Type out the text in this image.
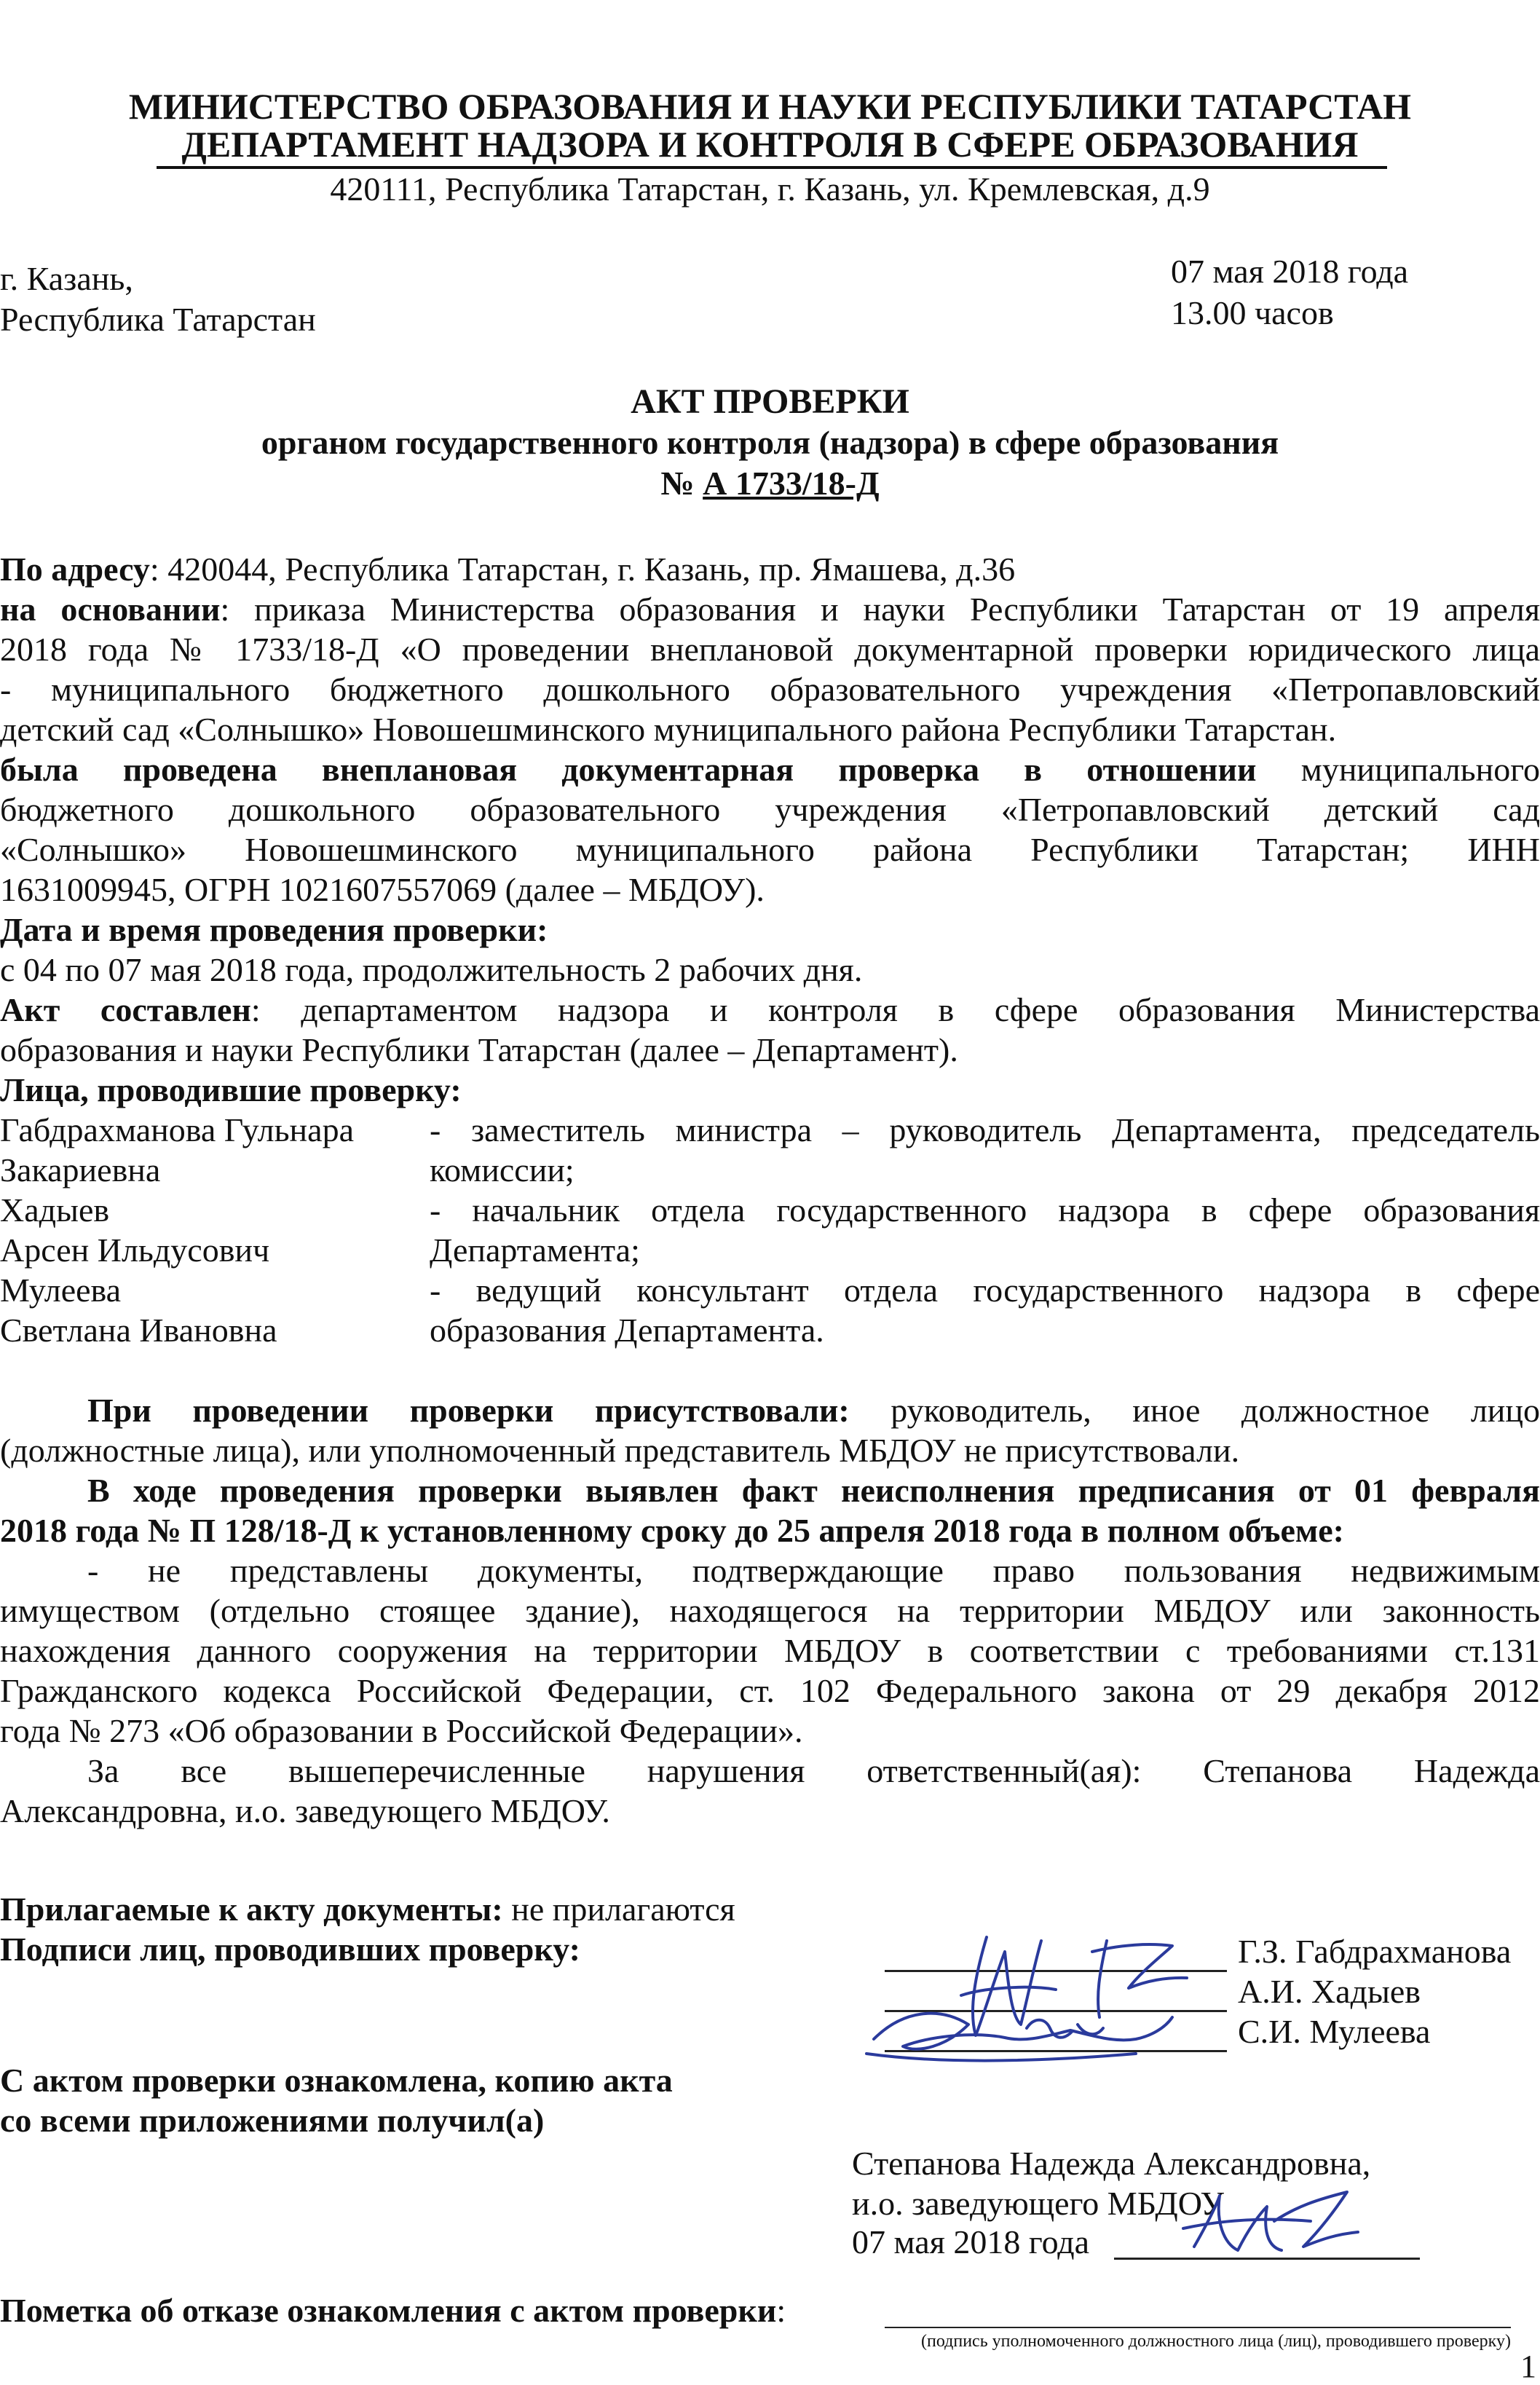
МИНИСТЕРСТВО ОБРАЗОВАНИЯ И НАУКИ РЕСПУБЛИКИ ТАТАРСТАН
ДЕПАРТАМЕНТ НАДЗОРА И КОНТРОЛЯ В СФЕРЕ ОБРАЗОВАНИЯ
420111, Республика Татарстан, г. Казань, ул. Кремлевская, д.9
г. Казань,
Республика Татарстан
07 мая 2018 года
13.00 часов
АКТ ПРОВЕРКИ
органом государственного контроля (надзора) в сфере образования
№ А 1733/18-Д
По адресу: 420044, Республика Татарстан, г. Казань, пр. Ямашева, д.36
на основании: приказа Министерства образования и науки Республики Татарстан от 19 апреля
2018 года № 1733/18-Д «О проведении внеплановой документарной проверки юридического лица
- муниципального бюджетного дошкольного образовательного учреждения «Петропавловский
детский сад «Солнышко» Новошешминского муниципального района Республики Татарстан.
была проведена внеплановая документарная проверка в отношении муниципального
бюджетного дошкольного образовательного учреждения «Петропавловский детский сад
«Солнышко» Новошешминского муниципального района Республики Татарстан; ИНН
1631009945, ОГРН 1021607557069 (далее – МБДОУ).
Дата и время проведения проверки:
с 04 по 07 мая 2018 года, продолжительность 2 рабочих дня.
Акт составлен: департаментом надзора и контроля в сфере образования Министерства
образования и науки Республики Татарстан (далее – Департамент).
Лица, проводившие проверку:
Габдрахманова Гульнара
Закариевна
- заместитель министра – руководитель Департамента, председатель
комиссии;
Хадыев
Арсен Ильдусович
- начальник отдела государственного надзора в сфере образования
Департамента;
Мулеева
Светлана Ивановна
- ведущий консультант отдела государственного надзора в сфере
образования Департамента.
При проведении проверки присутствовали: руководитель, иное должностное лицо
(должностные лица), или уполномоченный представитель МБДОУ не присутствовали.
В ходе проведения проверки выявлен факт неисполнения предписания от 01 февраля
2018 года № П 128/18-Д к установленному сроку до 25 апреля 2018 года в полном объеме:
- не представлены документы, подтверждающие право пользования недвижимым
имуществом (отдельно стоящее здание), находящегося на территории МБДОУ или законность
нахождения данного сооружения на территории МБДОУ в соответствии с требованиями ст.131
Гражданского кодекса Российской Федерации, ст. 102 Федерального закона от 29 декабря 2012
года № 273 «Об образовании в Российской Федерации».
За все вышеперечисленные нарушения ответственный(ая): Степанова Надежда
Александровна, и.о. заведующего МБДОУ.
Прилагаемые к акту документы: не прилагаются
Подписи лиц, проводивших проверку:	Г.З. Габдрахманова
А.И. Хадыев
С.И. Мулеева
С актом проверки ознакомлена, копию акта
со всеми приложениями получил(а)
Степанова Надежда Александровна,
и.о. заведующего МБДОУ
07 мая 2018 года
Пометка об отказе ознакомления с актом проверки:
(подпись уполномоченного должностного лица (лиц), проводившего проверку)
1
